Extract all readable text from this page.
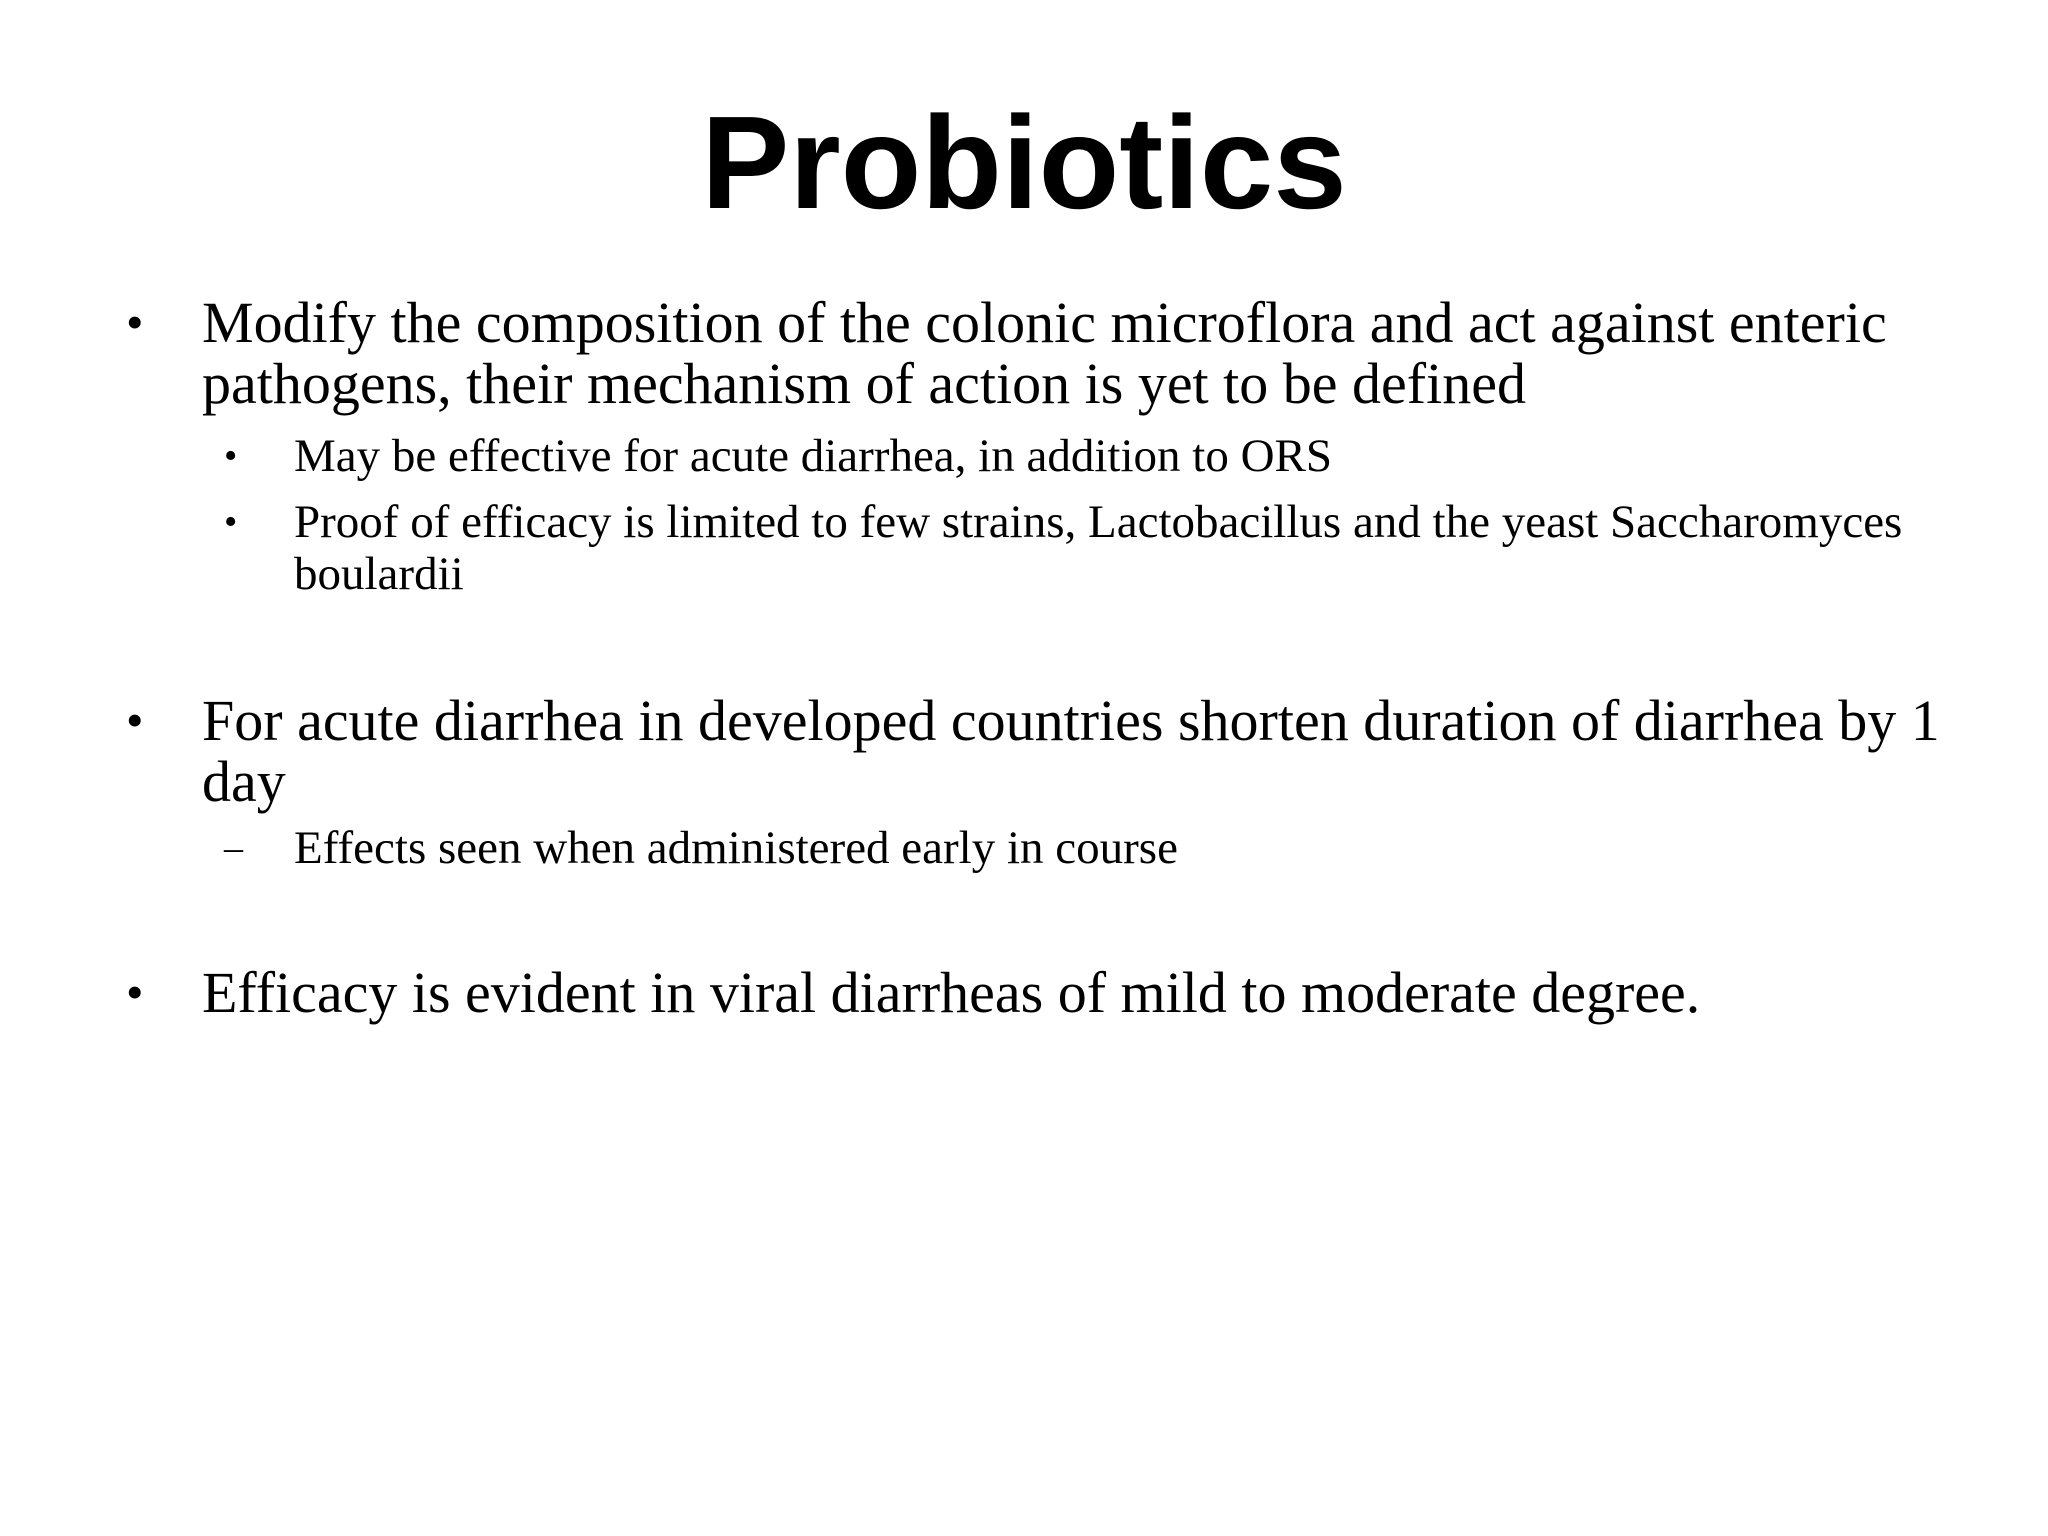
Probiotics
• Modify the composition of the colonic microflora and act against enteric pathogens, their mechanism of action is yet to be defined
• May be effective for acute diarrhea, in addition to ORS
• Proof of efficacy is limited to few strains, Lactobacillus and the yeast Saccharomyces boulardii
• For acute diarrhea in developed countries shorten duration of diarrhea by 1 day
– Effects seen when administered early in course
• Efficacy is evident in viral diarrheas of mild to moderate degree.
